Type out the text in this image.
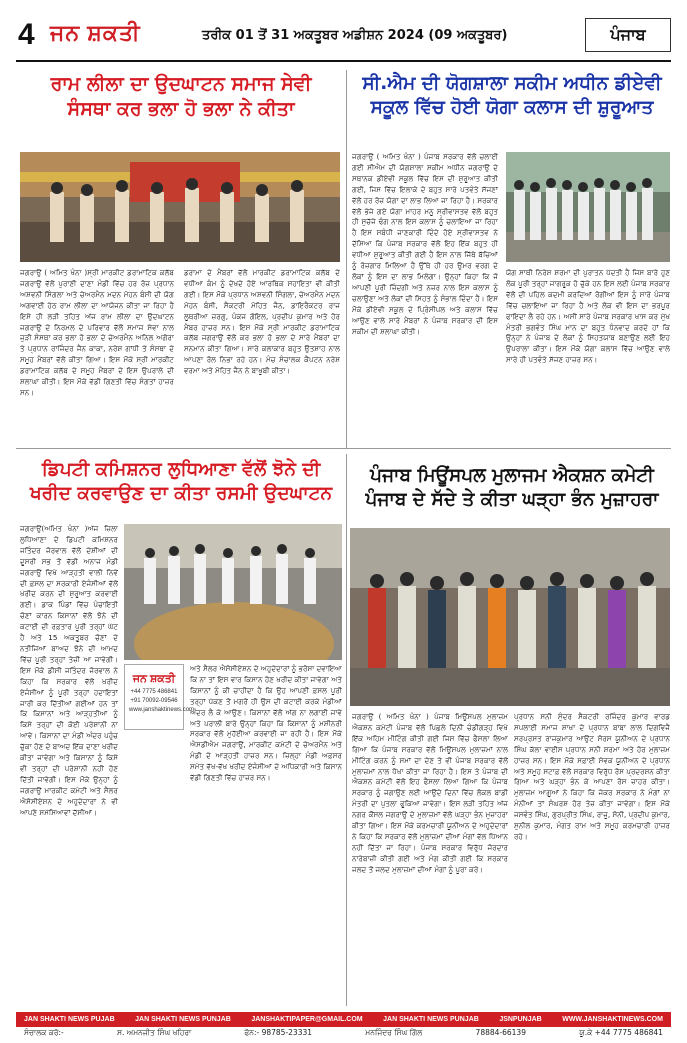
4 ਜਨ ਸ਼ਕਤੀ	ਤਰੀਕ 01 ਤੋਂ 31 ਅਕਤੂਬਰ ਅਡੀਸ਼ਨ 2024 (09 ਅਕਤੂਬਰ)	ਪੰਜਾਬ
ਰਾਮ ਲੀਲਾ ਦਾ ਉਦਘਾਟਨ ਸਮਾਜ ਸੇਵੀ
ਸੰਸਥਾ ਕਰ ਭਲਾ ਹੋ ਭਲਾ ਨੇ ਕੀਤਾ
ਜਗਰਾਉਂ ( ਅਮਿਤ ਖੰਨਾ )ਸ੍ਰੀ ਮਾਰਕੀਟ ਡਰਾਮਾਟਿਕ ਕਲੱਬ ਜਗਰਾਉਂ ਵੱਲੋਂ ਪੁਰਾਣੀ ਦਾਣਾ ਮੰਡੀ ਵਿੱਚ ਹਰ ਰੋਜ਼ ਪ੍ਰਧਾਨ ਅਸ਼ਵਨੀ ਸਿੰਗਲਾ ਅਤੇ ਚੇਅਰਮੈਨ ਮਦਨ ਮੋਹਨ ਬੰਸੀ ਦੀ ਯੋਗ ਅਗਵਾਈ ਹੇਠ ਰਾਮ ਲੀਲਾ ਦਾ ਆਯੋਜਨ ਕੀਤਾ ਜਾ ਰਿਹਾ ਹੈ ਇਸੇ ਹੀ ਲੜੀ ਤਹਿਤ ਅੱਜ ਰਾਮ ਲੀਲਾ ਦਾ ਉਦਘਾਟਨ ਜਗਰਾਉਂ ਦੇ ਨਿਰਮਲ ਦੇ ਪਰਿਵਾਰ ਵੱਲੋਂ ਸਮਾਜ ਸੇਵਾ ਨਾਲ ਜੁੜੀ ਸੰਸਥਾ ਕਰ ਭਲਾ ਹੋ ਭਲਾ ਦੇ ਚੇਅਰਮੈਨ ਅਨਿਲ ਅਗੋਰਾ ਤੇ ਪ੍ਰਧਾਨ ਰਾਜਿੰਦਰ ਜੈਨ ਕਾਕਾ, ਨਰੇਸ਼ ਗਾਂਧੀ ਤੇ ਸੰਸਥਾ ਦੇ ਸਮੂਹ ਮੈਂਬਰਾਂ ਵੱਲੋਂ ਕੀਤਾ ਗਿਆ। ਇਸ ਮੌਕੇ ਸ੍ਰੀ ਮਾਰਕੀਟ ਡਰਾਮਾਟਿਕ ਕਲੱਬ ਦੇ ਸਮੂਹ ਮੈਂਬਰਾਂ ਦੇ ਇਸ ਉਪਰਾਲੇ ਦੀ ਸ਼ਲਾਘਾ ਕੀਤੀ। ਇਸ ਮੌਕੇ ਵੱਡੀ ਗਿਣਤੀ ਵਿੱਚ ਸੰਗਤਾਂ ਹਾਜ਼ਰ ਸਨ।
ਡਰਾਮਾ ਦੇ ਮੈਂਬਰਾਂ ਵੱਲੋਂ ਮਾਰਕੀਟ ਡਰਾਮਾਟਿਕ ਕਲੱਬ ਦੇ ਵਧੀਆ ਕੰਮ ਨੂੰ ਦੇਖਦੇ ਹੋਏ ਆਰਥਿਕ ਸਹਾਇਤਾ ਵੀ ਕੀਤੀ ਗਈ। ਇਸ ਮੌਕੇ ਪ੍ਰਧਾਨ ਅਸ਼ਵਨੀ ਸਿੰਗਲਾ, ਚੇਅਰਮੈਨ ਮਦਨ ਮੋਹਨ ਬੰਸੀ, ਸੈਕਟਰੀ ਮੋਹਿਤ ਜੈਨ, ਡਾਇਰੈਕਟਰ ਰਾਜ ਲੂਥਰੀਆ ਜ਼ਰਗੁ, ਪੰਕਜ ਗੋਇਲ, ਪ੍ਰਦੀਪ ਕੁਮਾਰ ਅਤੇ ਹੋਰ ਮੈਂਬਰ ਹਾਜ਼ਰ ਸਨ। ਇਸ ਮੌਕੇ ਸ੍ਰੀ ਮਾਰਕੀਟ ਡਰਾਮਾਟਿਕ ਕਲੱਬ ਜਗਰਾਉਂ ਵੱਲੋਂ ਕਰ ਭਲਾ ਹੋ ਭਲਾ ਦੇ ਸਾਰੇ ਮੈਂਬਰਾਂ ਦਾ ਸਨਮਾਨ ਕੀਤਾ ਗਿਆ। ਸਾਰੇ ਕਲਾਕਾਰ ਬਹੁਤ ਉਤਸ਼ਾਹ ਨਾਲ ਆਪਣਾ ਰੋਲ ਨਿਭਾ ਰਹੇ ਹਨ। ਮੰਚ ਸੰਚਾਲਕ ਕੈਪਟਨ ਨਰੇਸ਼ ਵਰਮਾ ਅਤੇ ਮੋਹਿਤ ਜੈਨ ਨੇ ਬਾਖੂਬੀ ਕੀਤਾ।
ਸੀ.ਐਮ ਦੀ ਯੋਗਸ਼ਾਲਾ ਸਕੀਮ ਅਧੀਨ ਡੀਏਵੀ
ਸਕੂਲ ਵਿੱਚ ਹੋਈ ਯੋਗਾ ਕਲਾਸ ਦੀ ਸ਼ੁਰੂਆਤ
ਜਗਰਾਉਂ ( ਅਮਿਤ ਖੰਨਾ ) ਪੰਜਾਬ ਸਰਕਾਰ ਵੱਲੋਂ ਚਲਾਈ ਗਈ ਸੀਐਮ ਦੀ ਯੋਗਸ਼ਾਲਾ ਸਕੀਮ ਅਧੀਨ ਜਗਰਾਉਂ ਦੇ ਸਥਾਨਕ ਡੀਏਵੀ ਸਕੂਲ ਵਿੱਚ ਇਸ ਦੀ ਸ਼ੁਰੂਆਤ ਕੀਤੀ ਗਈ, ਜਿਸ ਵਿੱਚ ਇਲਾਕੇ ਦੇ ਬਹੁਤ ਸਾਰੇ ਪਤਵੰਤੇ ਸੱਜਣਾਂ ਵੱਲੋਂ ਹਰ ਰੋਜ਼ ਯੋਗਾ ਦਾ ਲਾਭ ਲਿਆ ਜਾ ਰਿਹਾ ਹੈ। ਸਰਕਾਰ ਵੱਲੋਂ ਭੇਜੇ ਗਏ ਯੋਗਾ ਮਾਹਰ ਮਨੂ ਸ੍ਰੀਵਾਸਤਵ ਵੱਲੋਂ ਬਹੁਤ ਹੀ ਸੁਚੱਜੇ ਢੰਗ ਨਾਲ ਇਸ ਕਲਾਸ ਨੂੰ ਚਲਾਇਆ ਜਾ ਰਿਹਾ ਹੈ ਇਸ ਸਬੰਧੀ ਜਾਣਕਾਰੀ ਦਿੰਦੇ ਹੋਏ ਸ੍ਰੀਵਾਸਤਵ ਨੇ ਦੱਸਿਆ ਕਿ ਪੰਜਾਬ ਸਰਕਾਰ ਵੱਲੋਂ ਇਹ ਇੱਕ ਬਹੁਤ ਹੀ ਵਧੀਆ ਸ਼ੁਰੂਆਤ ਕੀਤੀ ਗਈ ਹੈ ਇਸ ਨਾਲ ਜਿੱਥੇ ਬੱਚਿਆਂ ਨੂੰ ਰੋਜ਼ਗਾਰ ਮਿਲਿਆ ਹੈ ਉੱਥੇ ਹੀ ਹਰ ਉਮਰ ਵਰਗ ਦੇ ਲੋਕਾਂ ਨੂੰ ਇਸ ਦਾ ਲਾਭ ਮਿਲੇਗਾ। ਉਨ੍ਹਾਂ ਕਿਹਾ ਕਿ ਜੋ ਆਪਣੀ ਪੂਰੀ ਜ਼ਿੰਦਗੀ ਅਤੇ ਨਜ਼ਰ ਨਾਲ ਇਸ ਕਲਾਸ ਨੂੰ ਚਲਾਉਣਾ ਅਤੇ ਲੋਕਾਂ ਦੀ ਸਿਹਤ ਨੂੰ ਸੰਭਾਲ ਦਿੰਦਾ ਹੈ। ਇਸ ਮੌਕੇ ਡੀਏਵੀ ਸਕੂਲ ਦੇ ਪ੍ਰਿੰਸੀਪਲ ਅਤੇ ਕਲਾਸ ਵਿੱਚ ਆਉਣ ਵਾਲੇ ਸਾਰੇ ਮੈਂਬਰਾਂ ਨੇ ਪੰਜਾਬ ਸਰਕਾਰ ਦੀ ਇਸ ਸਕੀਮ ਦੀ ਸ਼ਲਾਘਾ ਕੀਤੀ।
ਯੋਗ ਸਾਥੀ ਨਿਰੇਸ਼ ਸ਼ਰਮਾ ਦੀ ਪੁਰਾਤਨ ਪੱਦਤੀ ਹੈ ਜਿਸ ਬਾਰੇ ਹੁਣ ਲੋਕ ਪੂਰੀ ਤਰ੍ਹਾਂ ਜਾਗਰੂਕ ਹੋ ਚੁੱਕੇ ਹਨ ਇਸ ਲਈ ਪੰਜਾਬ ਸਰਕਾਰ ਵੱਲੋਂ ਦੀ ਪਹਿਲ ਕਦਮੀ ਕਰਦਿਆਂ ਰੋਗੀਆਂ ਇਸ ਨੂੰ ਸਾਰੇ ਪੰਜਾਬ ਵਿੱਚ ਚਲਾਇਆ ਜਾ ਰਿਹਾ ਹੈ ਅਤੇ ਲੋਕ ਵੀ ਇਸ ਦਾ ਭਰਪੂਰ ਫਾਇਦਾ ਲੈ ਰਹੇ ਹਨ। ਅਸੀਂ ਸਾਰੇ ਪੰਜਾਬ ਸਰਕਾਰ ਖਾਸ ਕਰ ਮੁੱਖ ਮੰਤਰੀ ਭਗਵੰਤ ਸਿੰਘ ਮਾਨ ਦਾ ਬਹੁਤ ਧੰਨਵਾਦ ਕਰਦੇ ਹਾਂ ਕਿ ਉਨ੍ਹਾਂ ਨੇ ਪੰਜਾਬ ਦੇ ਲੋਕਾਂ ਨੂੰ ਸਿਹਤਯਾਬ ਬਣਾਉਣ ਲਈ ਇਹ ਉਪਰਾਲਾ ਕੀਤਾ। ਇਸ ਮੌਕੇ ਯੋਗਾ ਕਲਾਸ ਵਿੱਚ ਆਉਣ ਵਾਲੇ ਸਾਰੇ ਹੀ ਪਤਵੰਤੇ ਸੱਜਣ ਹਾਜ਼ਰ ਸਨ।
ਡਿਪਟੀ ਕਮਿਸ਼ਨਰ ਲੁਧਿਆਣਾ ਵੱਲੋਂ ਝੋਨੇ ਦੀ
ਖਰੀਦ ਕਰਵਾਉਣ ਦਾ ਕੀਤਾ ਰਸਮੀ ਉਦਘਾਟਨ
ਜਗਰਾਉਂ(ਅਮਿਤ ਖੰਨਾ )ਅੱਜ ਜ਼ਿਲਾ ਲੁਧਿਆਣਾ ਦੇ ਡਿਪਟੀ ਕਮਿਸ਼ਨਰ ਜਤਿੰਦਰ ਜੋਰਵਾਲ ਵੱਲੋਂ ਦੇਸ਼ੀਆਂ ਦੀ ਦੂਸਰੀ ਸਭ ਤੋਂ ਵੱਡੀ ਅਨਾਜ ਮੰਡੀ ਜਗਰਾਉਂ ਵਿਖੇ ਆੜ੍ਹਤੀ ਵਾਲੀ ਨਿਵੇਂ ਦੀ ਫ਼ਸਲ ਦਾ ਸਰਕਾਰੀ ਏਜੰਸੀਆਂ ਵੱਲੋਂ ਖਰੀਦ ਕਰਨ ਦੀ ਸ਼ੁਰੂਆਤ ਕਰਵਾਈ ਗਈ। ਡਾਕ ਪਿੰਡਾਂ ਵਿੱਚ ਪੰਚਾਇਤੀ ਚੋਣਾਂ ਕਾਰਨ ਕਿਸਾਨਾਂ ਵੱਲੋਂ ਝੋਨੇ ਦੀ ਕਟਾਈ ਦੀ ਰਫ਼ਤਾਰ ਪੂਰੀ ਤਰ੍ਹਾਂ ਘੱਟ ਹੈ ਅਤੇ 15 ਅਕਤੂਬਰ ਚੋਣਾਂ ਦੇ ਨਤੀਜਿਆਂ ਬਾਅਦ ਝੋਨੇ ਦੀ ਆਮਦ ਵਿੱਚ ਪੂਰੀ ਤਰ੍ਹਾਂ ਤੇਜ਼ੀ ਆ ਜਾਵੇਗੀ। ਇਸ ਮੌਕੇ ਡੀਸੀ ਜਤਿੰਦਰ ਜੋਰਵਾਲ ਨੇ ਕਿਹਾ ਕਿ ਸਰਕਾਰ ਵੱਲੋਂ ਖਰੀਦ ਏਜੰਸੀਆਂ ਨੂੰ ਪੂਰੀ ਤਰ੍ਹਾਂ ਹਦਾਇਤਾਂ ਜਾਰੀ ਕਰ ਦਿੱਤੀਆਂ ਗਈਆਂ ਹਨ ਤਾਂ ਕਿ ਕਿਸਾਨਾਂ ਅਤੇ ਆੜ੍ਹਤੀਆਂ ਨੂੰ ਕਿਸੇ ਤਰ੍ਹਾਂ ਦੀ ਕੋਈ ਪਰੇਸ਼ਾਨੀ ਨਾ ਆਵੇ। ਕਿਸਾਨਾਂ ਦਾ ਮੰਡੀ ਅੰਦਰ ਪਹੁੰਚ ਚੁੱਕਾ ਹੋਣ ਦੇ ਬਾਅਦ ਇੱਕ ਦਾਣਾ ਖਰੀਦ ਕੀਤਾ ਜਾਵੇਗਾ ਅਤੇ ਕਿਸਾਨਾਂ ਨੂੰ ਕਿਸੇ ਵੀ ਤਰ੍ਹਾਂ ਦੀ ਪਰੇਸ਼ਾਨੀ ਨਹੀਂ ਹੋਣ ਦਿੱਤੀ ਜਾਵੇਗੀ। ਇਸ ਮੌਕੇ ਉਨ੍ਹਾਂ ਨੂੰ ਜਗਰਾਉਂ ਮਾਰਕੀਟ ਕਮੇਟੀ ਅਤੇ ਸੈਲਰ ਐਸੋਸੀਏਸ਼ਨ ਦੇ ਅਹੁਦੇਦਾਰਾਂ ਨੇ ਵੀ ਆਪਣੇ ਸਮੱਸਿਆਵਾਂ ਦੱਸੀਆਂ।
ਜਨ ਸ਼ਕਤੀ
+44 7775 486841
+91 70092-09546
www.janshaktinews.com
ਅਤੇ ਸੈਲਰ ਐਸੋਸੀਏਸ਼ਨ ਦੇ ਅਹੁਦੇਦਾਰਾਂ ਨੂੰ ਭਰੋਸਾ ਦਵਾਇਆ ਕਿ ਨਾ ਤਾਂ ਇਸ ਵਾਰ ਕਿਸਾਨ ਹੋਣ ਖਰੀਦ ਕੀਤਾ ਜਾਵੇਗਾ ਅਤੇ ਕਿਸਾਨਾਂ ਨੂੰ ਕੀ ਚਾਹੀਦਾ ਹੈ ਕਿ ਉਹ ਆਪਣੀ ਫ਼ਸਲ ਪੂਰੀ ਤਰ੍ਹਾਂ ਪੱਕਣ ਤੋਂ ਮਗਰੋਂ ਹੀ ਉਸ ਦੀ ਕਟਾਈ ਕਰਕੇ ਮੰਡੀਆਂ ਅੰਦਰ ਲੈ ਕੇ ਆਉਣ। ਕਿਸਾਨਾਂ ਵੱਲੋਂ ਅੱਗ ਨਾ ਲਗਾਈ ਜਾਵੇ ਅਤੇ ਪਰਾਲੀ ਬਾਰੇ ਉਨ੍ਹਾਂ ਕਿਹਾ ਕਿ ਕਿਸਾਨਾਂ ਨੂੰ ਮਸ਼ੀਨਰੀ ਸਰਕਾਰ ਵੱਲੋਂ ਮੁਹੱਈਆ ਕਰਵਾਈ ਜਾ ਰਹੀ ਹੈ। ਇਸ ਮੌਕੇ ਐਸਡੀਐਮ ਜਗਰਾਉਂ, ਮਾਰਕੀਟ ਕਮੇਟੀ ਦੇ ਚੇਅਰਮੈਨ ਅਤੇ ਮੰਡੀ ਦੇ ਆੜ੍ਹਤੀ ਹਾਜ਼ਰ ਸਨ। ਜ਼ਿਲ੍ਹਾ ਮੰਡੀ ਅਫ਼ਸਰ ਸਮੇਤ ਵੱਖ-ਵੱਖ ਖਰੀਦ ਏਜੰਸੀਆਂ ਦੇ ਅਧਿਕਾਰੀ ਅਤੇ ਕਿਸਾਨ ਵੱਡੀ ਗਿਣਤੀ ਵਿੱਚ ਹਾਜ਼ਰ ਸਨ।
ਪੰਜਾਬ ਮਿਊਂਸਪਲ ਮੁਲਾਜਮ ਐਕਸ਼ਨ ਕਮੇਟੀ
ਪੰਜਾਬ ਦੇ ਸੱਦੇ ਤੇ ਕੀਤਾ ਘੜ੍ਹਾ ਭੰਨ ਮੁਜ਼ਾਹਰਾ
ਜਗਰਾਉਂ ( ਅਮਿਤ ਖੰਨਾ ) ਪੰਜਾਬ ਮਿਊਂਸਪਲ ਮੁਲਾਜ਼ਮ ਐਕਸ਼ਨ ਕਮੇਟੀ ਪੰਜਾਬ ਵੱਲੋਂ ਪਿਛਲੇ ਦਿਨੀਂ ਚੰਡੀਗੜ੍ਹ ਵਿਖੇ ਇੱਕ ਅਹਿਮ ਮੀਟਿੰਗ ਕੀਤੀ ਗਈ ਜਿਸ ਵਿੱਚ ਫੈਸਲਾ ਲਿਆ ਗਿਆ ਕਿ ਪੰਜਾਬ ਸਰਕਾਰ ਵੱਲੋਂ ਮਿਊਂਸਪਲ ਮੁਲਾਜ਼ਮਾਂ ਨਾਲ ਮੀਟਿੰਗ ਕਰਨ ਨੂੰ ਸਮਾਂ ਦਾ ਦੇਣ ਤੇ ਵੀ ਪੰਜਾਬ ਸਰਕਾਰ ਵੱਲੋਂ ਮੁਲਾਜ਼ਮਾਂ ਨਾਲ ਧੋਖਾ ਕੀਤਾ ਜਾ ਰਿਹਾ ਹੈ। ਇਸ ਤੇ ਪੰਜਾਬ ਦੀ ਐਕਸ਼ਨ ਕਮੇਟੀ ਵੱਲੋਂ ਇਹ ਫੈਸਲਾ ਲਿਆ ਗਿਆ ਕਿ ਪੰਜਾਬ ਸਰਕਾਰ ਨੂੰ ਜਗਾਉਣ ਲਈ ਆਉਂਦੇ ਦਿਨਾਂ ਵਿੱਚ ਲੋਕਲ ਬਾਡੀ ਮੰਤਰੀ ਦਾ ਪੁਤਲਾ ਫੂਕਿਆ ਜਾਵੇਗਾ। ਇਸ ਲੜੀ ਤਹਿਤ ਅੱਜ ਨਗਰ ਕੌਂਸਲ ਜਗਰਾਉਂ ਦੇ ਮੁਲਾਜ਼ਮਾਂ ਵੱਲੋਂ ਘੜ੍ਹਾ ਭੰਨ ਮੁਜ਼ਾਹਰਾ ਕੀਤਾ ਗਿਆ। ਇਸ ਮੌਕੇ ਕਰਮਚਾਰੀ ਯੂਨੀਅਨ ਦੇ ਅਹੁਦੇਦਾਰਾਂ ਨੇ ਕਿਹਾ ਕਿ ਸਰਕਾਰ ਵੱਲੋਂ ਮੁਲਾਜ਼ਮਾਂ ਦੀਆਂ ਮੰਗਾਂ ਵੱਲ ਧਿਆਨ ਨਹੀਂ ਦਿੱਤਾ ਜਾ ਰਿਹਾ। ਪੰਜਾਬ ਸਰਕਾਰ ਵਿਰੁੱਧ ਜੋਰਦਾਰ ਨਾਰੇਬਾਜ਼ੀ ਕੀਤੀ ਗਈ ਅਤੇ ਮੰਗ ਕੀਤੀ ਗਈ ਕਿ ਸਰਕਾਰ ਜਲਦ ਤੋਂ ਜਲਦ ਮੁਲਾਜ਼ਮਾਂ ਦੀਆਂ ਮੰਗਾਂ ਨੂੰ ਪੂਰਾ ਕਰੇ।
ਪ੍ਰਧਾਨ ਸਨੀ ਸੁੰਦਰ ਸੈਕਟਰੀ ਰਜਿੰਦਰ ਕੁਮਾਰ ਵਾਰਡ ਸਪਲਾਈ ਸਮਾਜ ਸ਼ਾਖਾ ਦੇ ਪ੍ਰਧਾਨ ਬਾਬਾ ਲਾਲ ਦਿਗਵਿਜੈ ਸਰਪ੍ਰਸਤ ਰਾਜਕੁਮਾਰ ਆਉਟ ਸੋਰਸ ਯੂਨੀਅਨ ਦੇ ਪ੍ਰਧਾਨ ਸਿੰਘ ਕੱਲਾ ਵਾਈਸ ਪ੍ਰਧਾਨ ਸਨੀ ਸ਼ਰਮਾ ਅਤੇ ਹੋਰ ਮੁਲਾਜ਼ਮ ਹਾਜ਼ਰ ਸਨ। ਇਸ ਮੌਕੇ ਸਫ਼ਾਈ ਸੇਵਕ ਯੂਨੀਅਨ ਦੇ ਪ੍ਰਧਾਨ ਅਤੇ ਸਮੂਹ ਸਟਾਫ਼ ਵੱਲੋਂ ਸਰਕਾਰ ਵਿਰੁੱਧ ਰੋਸ ਪ੍ਰਦਰਸ਼ਨ ਕੀਤਾ ਗਿਆ ਅਤੇ ਘੜ੍ਹਾ ਭੰਨ ਕੇ ਆਪਣਾ ਰੋਸ ਜ਼ਾਹਰ ਕੀਤਾ। ਮੁਲਾਜ਼ਮ ਆਗੂਆਂ ਨੇ ਕਿਹਾ ਕਿ ਜੇਕਰ ਸਰਕਾਰ ਨੇ ਮੰਗਾਂ ਨਾ ਮੰਨੀਆਂ ਤਾਂ ਸੰਘਰਸ਼ ਹੋਰ ਤੇਜ਼ ਕੀਤਾ ਜਾਵੇਗਾ। ਇਸ ਮੌਕੇ ਜਸਵੰਤ ਸਿੰਘ, ਗੁਰਪ੍ਰੀਤ ਸਿੰਘ, ਰਾਜੂ, ਸੋਨੀ, ਪ੍ਰਦੀਪ ਕੁਮਾਰ, ਸੁਨੀਲ ਕੁਮਾਰ, ਮੰਗਤ ਰਾਮ ਅਤੇ ਸਮੂਹ ਕਰਮਚਾਰੀ ਹਾਜ਼ਰ ਰਹੇ।
JAN SHAKTI NEWS PUJAB	JAN SHAKTI NEWS PUNJAB	JANSHAKTIPAPER@GMAIL.COM	JAN SHAKTI NEWS PUNJAB	JSNPUNJAB	WWW.JANSHAKTINEWS.COM
ਸੰਚਾਲਕ ਕਰੋ:-	ਸ. ਅਮਨਜੀਤ ਸਿੰਘ ਖਹਿਰਾ	ਫੋਨ:- 98785-23331	ਮਨਜਿੰਦਰ ਸਿੰਘ ਗਿੱਲ	78884-66139	ਯੂ.ਕੇ +44 7775 486841
